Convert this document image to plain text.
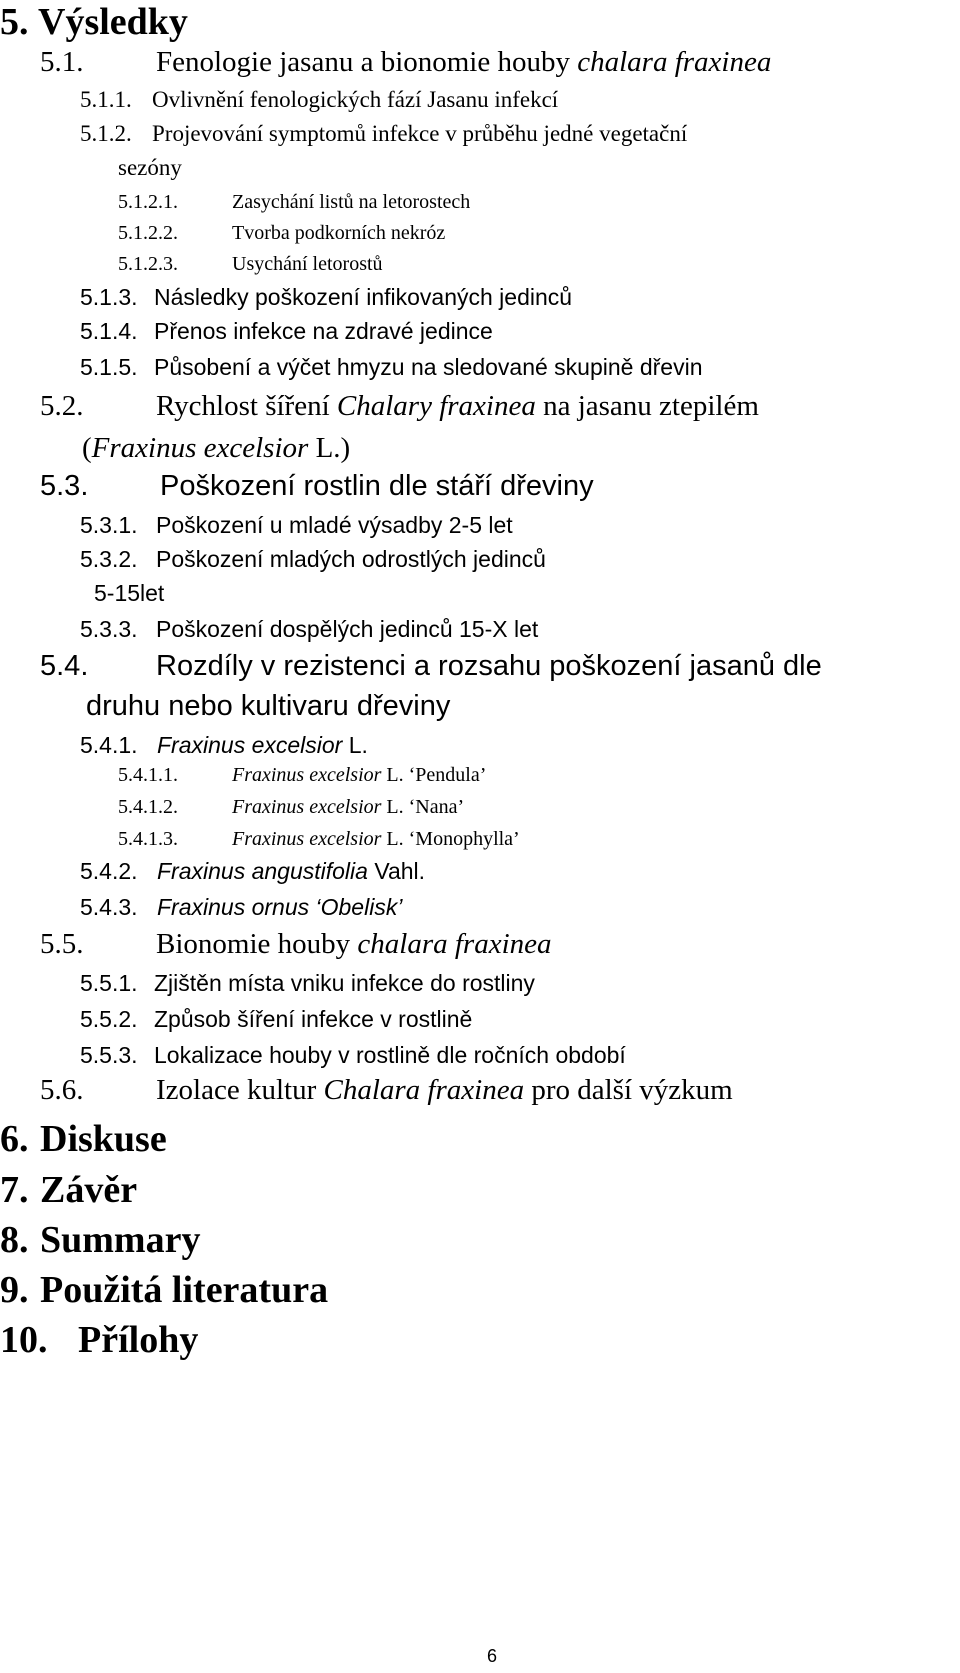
5. Výsledky
5.1.	Fenologie jasanu a bionomie houby chalara fraxinea
5.1.1. Ovlivnění fenologických fází Jasanu infekcí
5.1.2. Projevování symptomů infekce v průběhu jedné vegetační
sezóny
5.1.2.1.	Zasychání listů na letorostech
5.1.2.2.	Tvorba podkorních nekróz
5.1.2.3.	Usychání letorostů
5.1.3. Následky poškození infikovaných jedinců
5.1.4. Přenos infekce na zdravé jedince
5.1.5. Působení a výčet hmyzu na sledované skupině dřevin
5.2.	Rychlost šíření Chalary fraxinea na jasanu ztepilém
(Fraxinus excelsior L.)
5.3. Poškození rostlin dle stáří dřeviny
5.3.1. Poškození u mladé výsadby 2-5 let
5.3.2. Poškození mladých odrostlých jedinců
5-15let
5.3.3. Poškození dospělých jedinců 15-X let
5.4. Rozdíly v rezistenci a rozsahu poškození jasanů dle
druhu nebo kultivaru dřeviny
5.4.1. Fraxinus excelsior L.
5.4.1.1.	Fraxinus excelsior L. ‘Pendula’
5.4.1.2.	Fraxinus excelsior L. ‘Nana’
5.4.1.3.	Fraxinus excelsior L. ‘Monophylla’
5.4.2. Fraxinus angustifolia Vahl.
5.4.3. Fraxinus ornus ‘Obelisk’
5.5.	Bionomie houby chalara fraxinea
5.5.1. Zjištěn místa vniku infekce do rostliny
5.5.2. Způsob šíření infekce v rostlině
5.5.3. Lokalizace houby v rostlině dle ročních období
5.6.	Izolace kultur Chalara fraxinea pro další výzkum
6. Diskuse
7. Závěr
8. Summary
9. Použitá literatura
10. Přílohy
6
